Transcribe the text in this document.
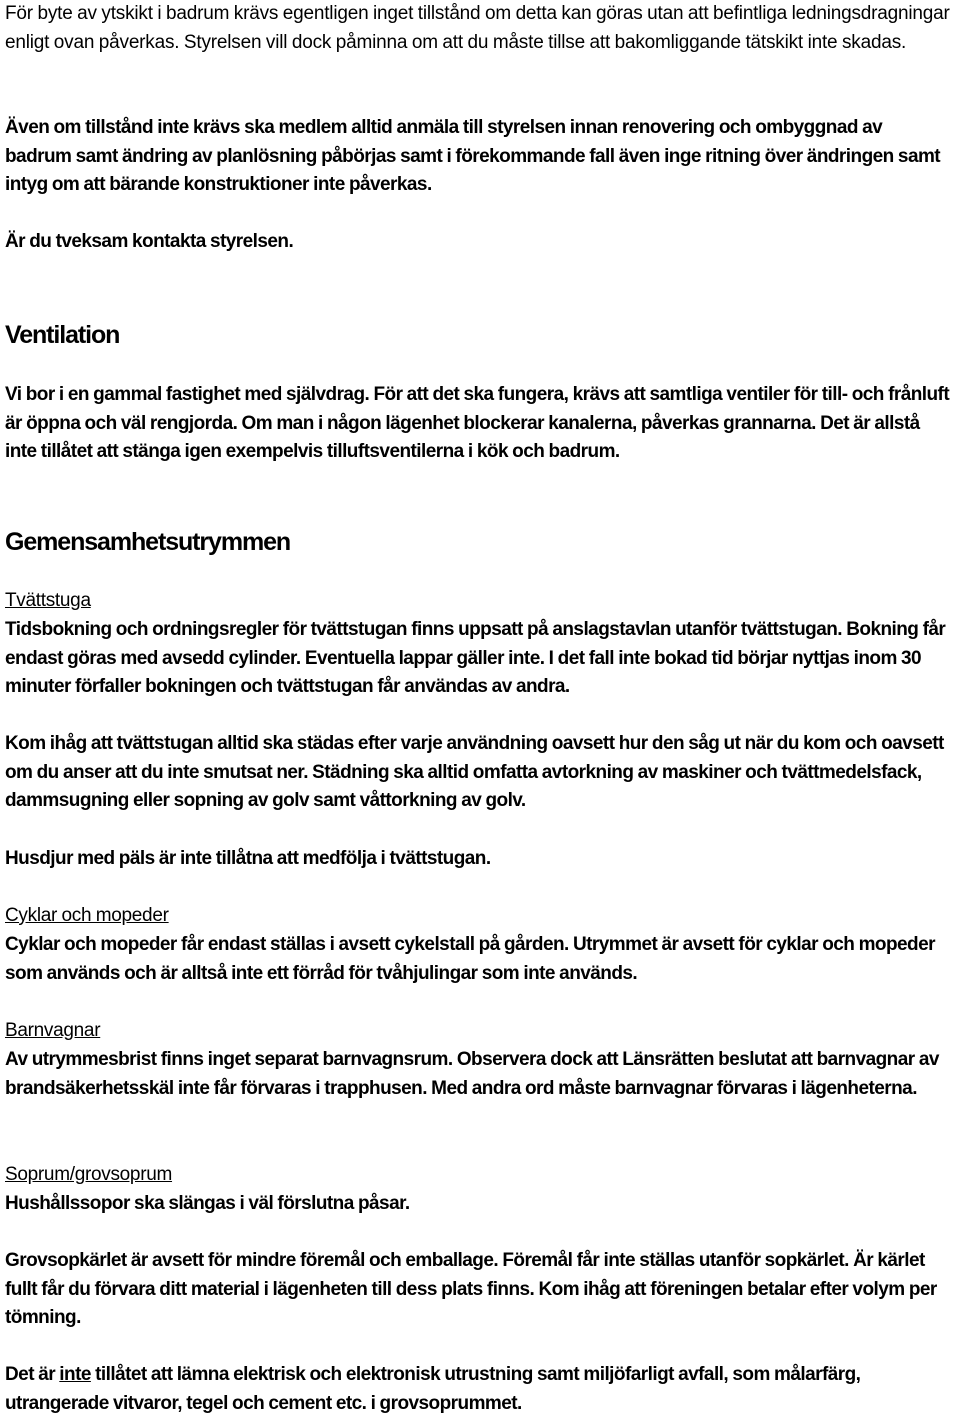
För byte av ytskikt i badrum krävs egentligen inget tillstånd om detta kan göras utan att befintliga ledningsdragningar enligt ovan påverkas. Styrelsen vill dock påminna om att du måste tillse att bakomliggande tätskikt inte skadas.

Även om tillstånd inte krävs ska medlem alltid anmäla till styrelsen innan renovering och ombyggnad av badrum samt ändring av planlösning påbörjas samt i förekommande fall även inge ritning över ändringen samt intyg om att bärande konstruktioner inte påverkas.

Är du tveksam kontakta styrelsen.

Ventilation

Vi bor i en gammal fastighet med självdrag. För att det ska fungera, krävs att samtliga ventiler för till- och frånluft är öppna och väl rengjorda. Om man i någon lägenhet blockerar kanalerna, påverkas grannarna. Det är allstå inte tillåtet att stänga igen exempelvis tilluftsventilerna i kök och badrum.

Gemensamhetsutrymmen

Tvättstuga

Tidsbokning och ordningsregler för tvättstugan finns uppsatt på anslagstavlan utanför tvättstugan. Bokning får endast göras med avsedd cylinder. Eventuella lappar gäller inte. I det fall inte bokad tid börjar nyttjas inom 30 minuter förfaller bokningen och tvättstugan får användas av andra.

Kom ihåg att tvättstugan alltid ska städas efter varje användning oavsett hur den såg ut när du kom och oavsett om du anser att du inte smutsat ner. Städning ska alltid omfatta avtorkning av maskiner och tvättmedelsfack, dammsugning eller sopning av golv samt våttorkning av golv.

Husdjur med päls är inte tillåtna att medfölja i tvättstugan.

Cyklar och mopeder

Cyklar och mopeder får endast ställas i avsett cykelstall på gården. Utrymmet är avsett för cyklar och mopeder som används och är alltså inte ett förråd för tvåhjulingar som inte används.

Barnvagnar

Av utrymmesbrist finns inget separat barnvagnsrum. Observera dock att Länsrätten beslutat att barnvagnar av brandsäkerhetsskäl inte får förvaras i trapphusen. Med andra ord måste barnvagnar förvaras i lägenheterna.

Soprum/grovsoprum

Hushållssopor ska slängas i väl förslutna påsar.

Grovsopkärlet är avsett för mindre föremål och emballage. Föremål får inte ställas utanför sopkärlet. Är kärlet fullt får du förvara ditt material i lägenheten till dess plats finns. Kom ihåg att föreningen betalar efter volym per tömning.

Det är inte tillåtet att lämna elektrisk och elektronisk utrustning samt miljöfarligt avfall, som målarfärg, utrangerade vitvaror, tegel och cement etc. i grovsoprummet.
